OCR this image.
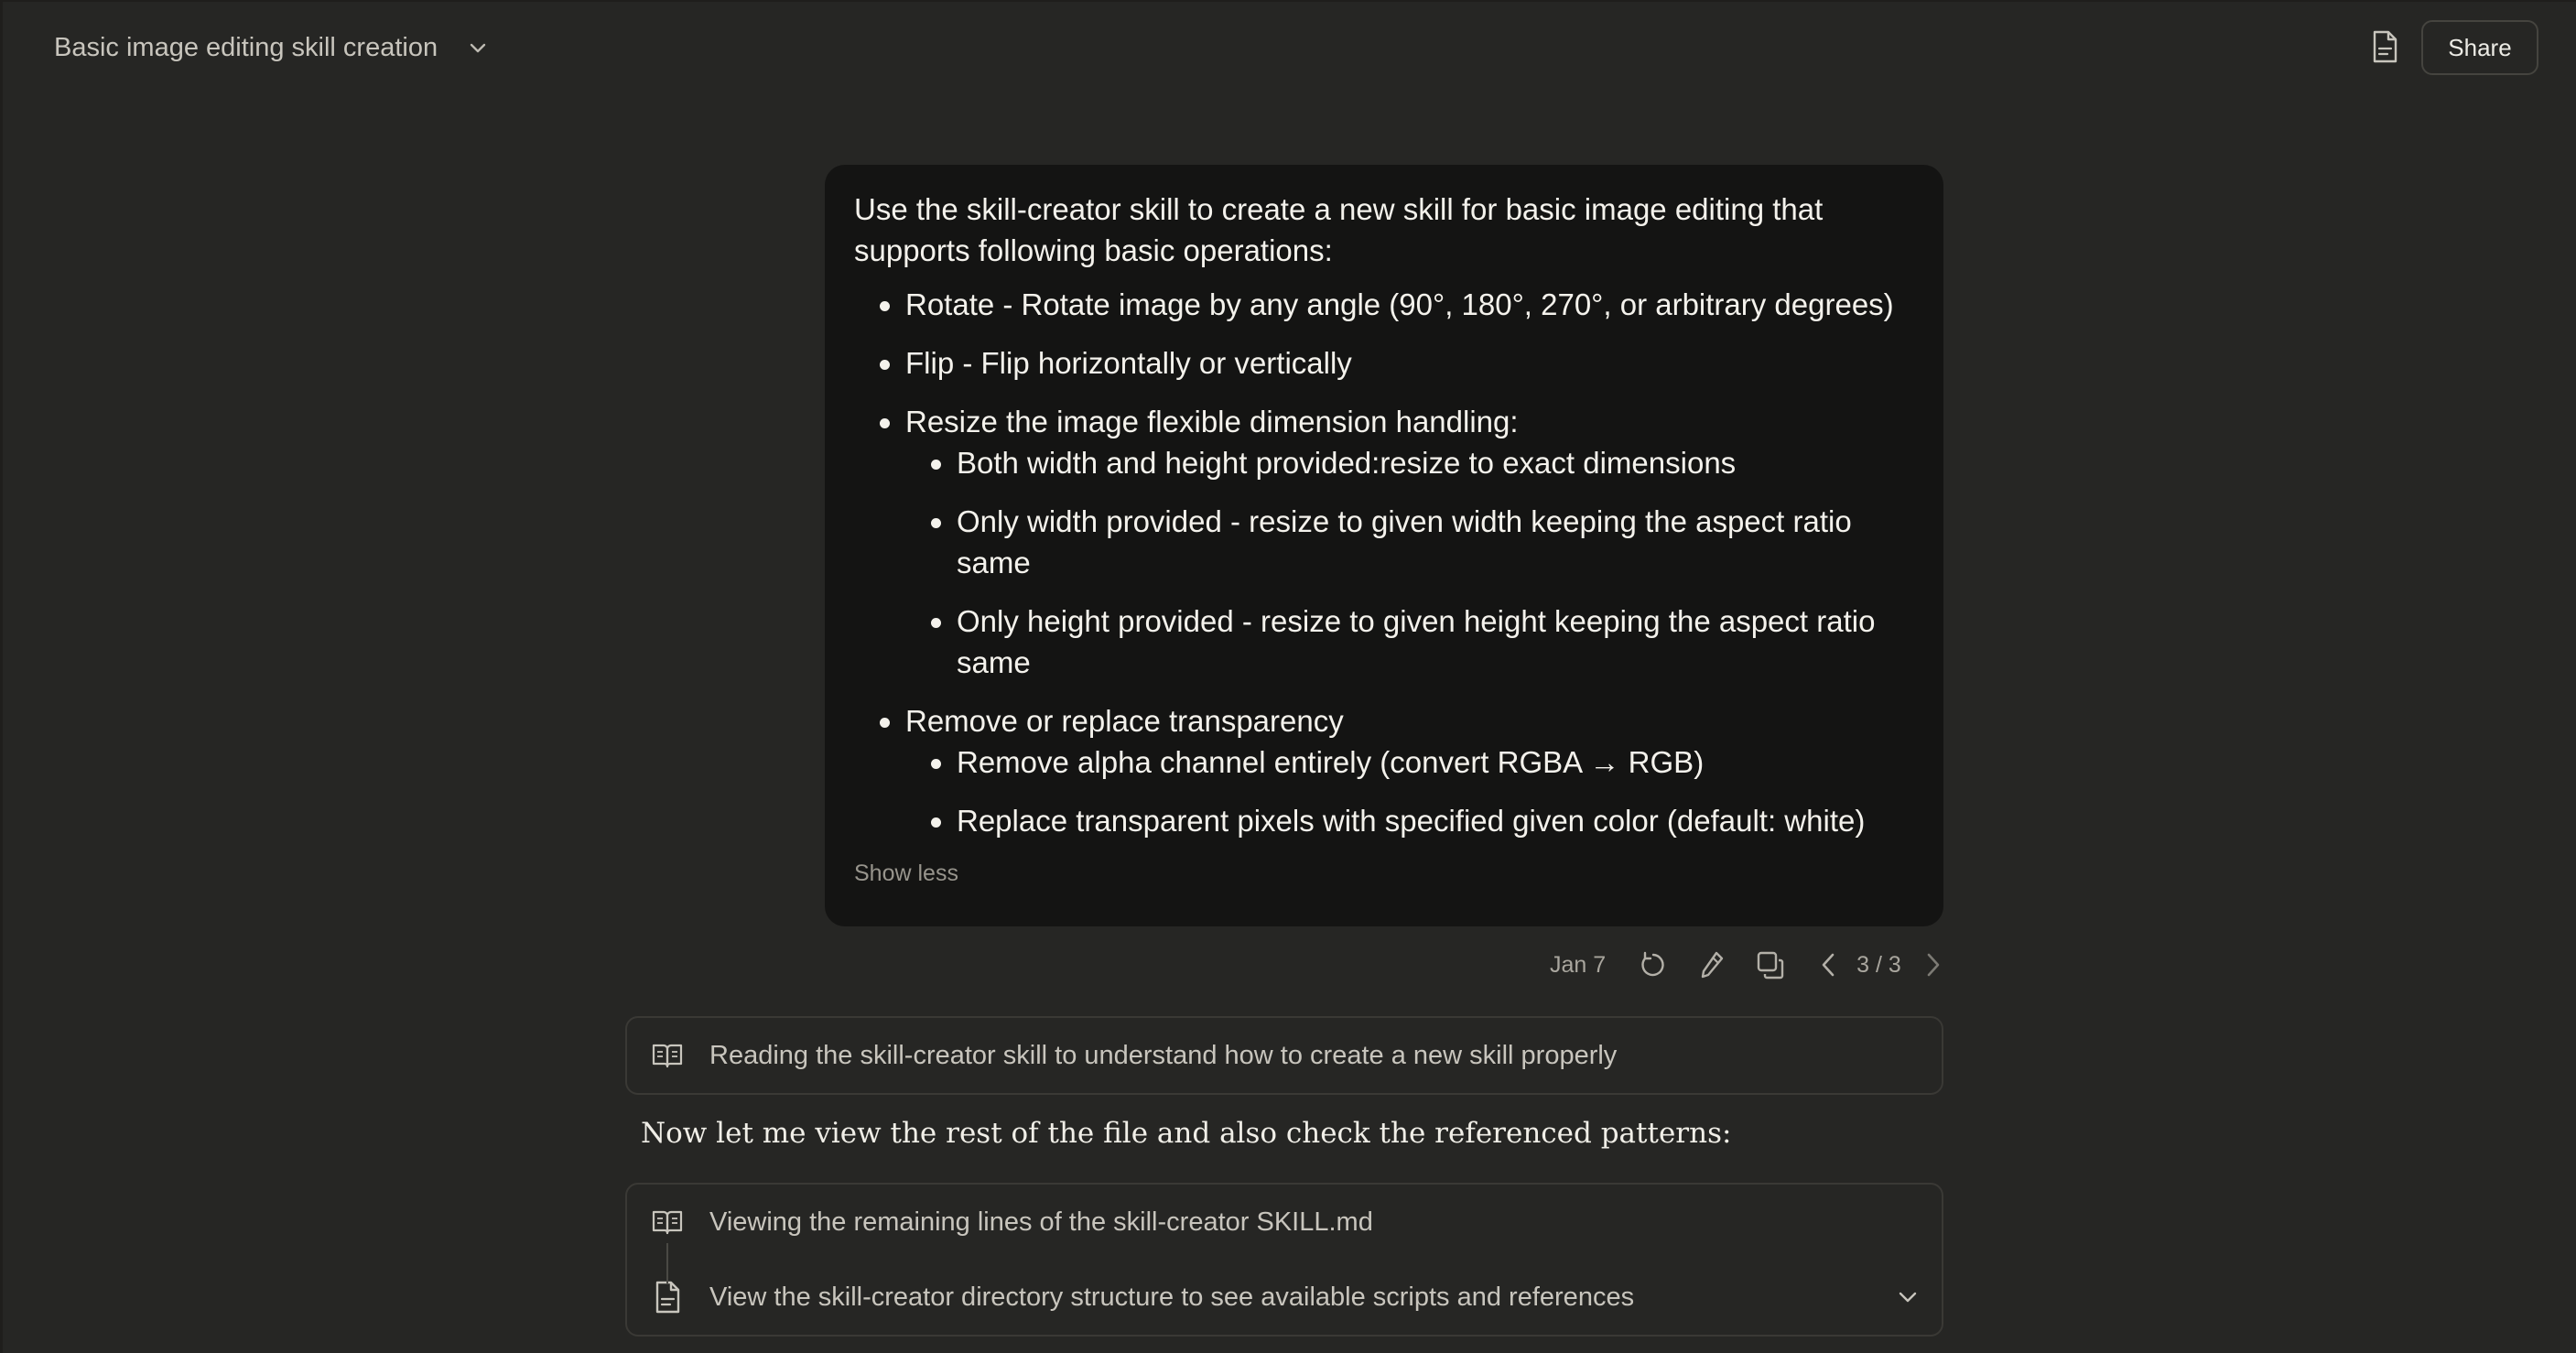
Basic image editing skill creation	Share

Use the skill-creator skill to create a new skill for basic image editing that supports following basic operations:

Rotate - Rotate image by any angle (90°, 180°, 270°, or arbitrary degrees)
Flip - Flip horizontally or vertically
Resize the image flexible dimension handling:
Both width and height provided:resize to exact dimensions
Only width provided - resize to given width keeping the aspect ratio same
Only height provided - resize to given height keeping the aspect ratio same
Remove or replace transparency
Remove alpha channel entirely (convert RGBA → RGB)
Replace transparent pixels with specified given color (default: white)
Show less
Jan 7	3 / 3
Reading the skill-creator skill to understand how to create a new skill properly
Now let me view the rest of the file and also check the referenced patterns:
Viewing the remaining lines of the skill-creator SKILL.md
View the skill-creator directory structure to see available scripts and references
